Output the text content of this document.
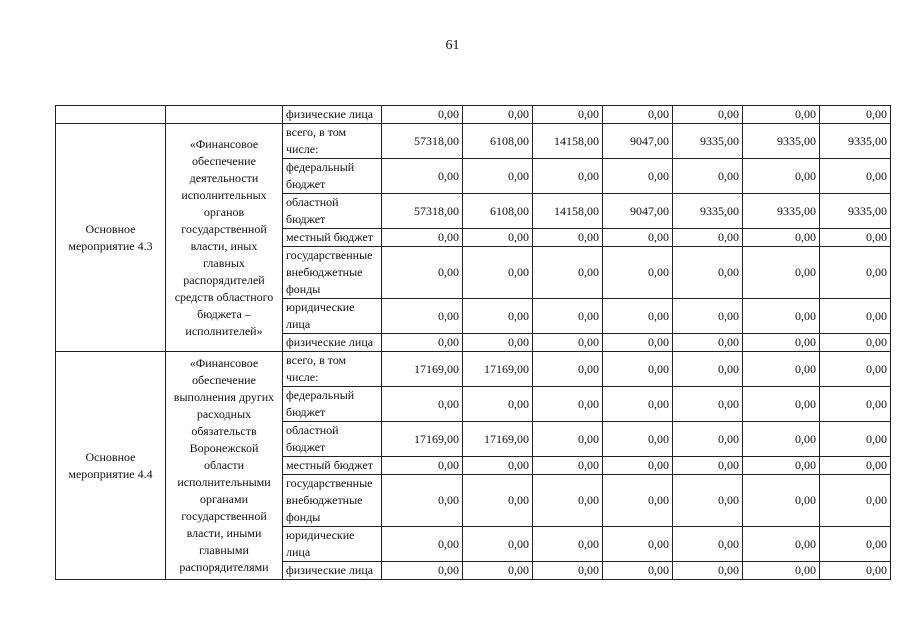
61
		физические лица	0,00	0,00	0,00	0,00	0,00	0,00	0,00
Основное мероприятие 4.3	«Финансовое обеспечение деятельности исполнительных органов государственной власти, иных главных распорядителей средств областного бюджета – исполнителей»	всего, в том числе:	57318,00	6108,00	14158,00	9047,00	9335,00	9335,00	9335,00
		федеральный бюджет	0,00	0,00	0,00	0,00	0,00	0,00	0,00
		областной бюджет	57318,00	6108,00	14158,00	9047,00	9335,00	9335,00	9335,00
		местный бюджет	0,00	0,00	0,00	0,00	0,00	0,00	0,00
		государственные внебюджетные фонды	0,00	0,00	0,00	0,00	0,00	0,00	0,00
		юридические лица	0,00	0,00	0,00	0,00	0,00	0,00	0,00
		физические лица	0,00	0,00	0,00	0,00	0,00	0,00	0,00
Основное мероприятие 4.4	«Финансовое обеспечение выполнения других расходных обязательств Воронежской области исполнительными органами государственной власти, иными главными распорядителями	всего, в том числе:	17169,00	17169,00	0,00	0,00	0,00	0,00	0,00
		федеральный бюджет	0,00	0,00	0,00	0,00	0,00	0,00	0,00
		областной бюджет	17169,00	17169,00	0,00	0,00	0,00	0,00	0,00
		местный бюджет	0,00	0,00	0,00	0,00	0,00	0,00	0,00
		государственные внебюджетные фонды	0,00	0,00	0,00	0,00	0,00	0,00	0,00
		юридические лица	0,00	0,00	0,00	0,00	0,00	0,00	0,00
		физические лица	0,00	0,00	0,00	0,00	0,00	0,00	0,00
